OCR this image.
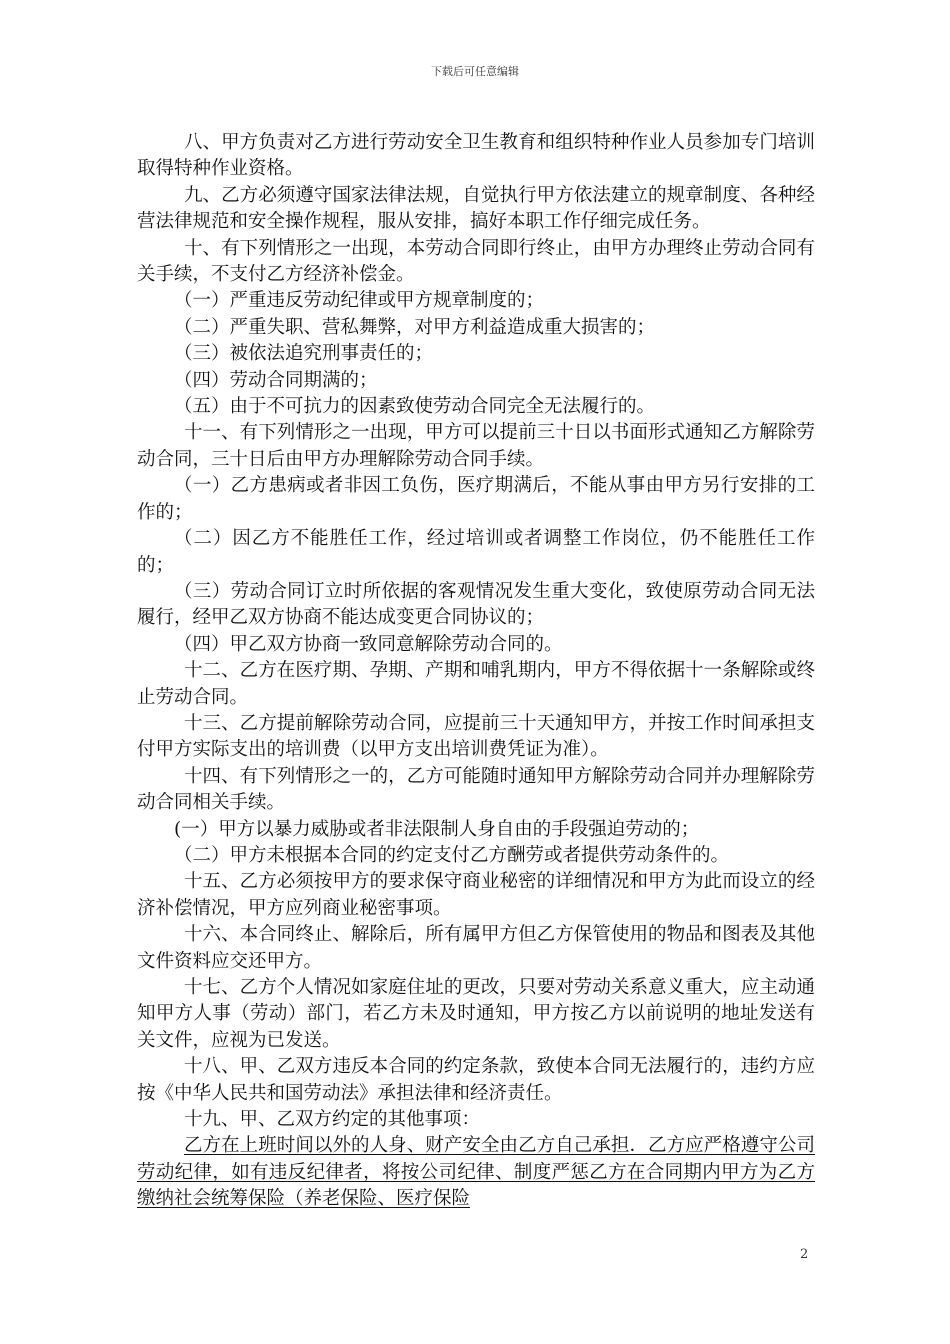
下载后可任意编辑

八、甲方负责对乙方进行劳动安全卫生教育和组织特种作业人员参加专门培训取得特种作业资格。

九、乙方必须遵守国家法律法规，自觉执行甲方依法建立的规章制度、各种经营法律规范和安全操作规程，服从安排，搞好本职工作仔细完成任务。

十、有下列情形之一出现，本劳动合同即行终止，由甲方办理终止劳动合同有关手续，不支付乙方经济补偿金。

（一）严重违反劳动纪律或甲方规章制度的；

（二）严重失职、营私舞弊，对甲方利益造成重大损害的；

（三）被依法追究刑事责任的；

（四）劳动合同期满的；

（五）由于不可抗力的因素致使劳动合同完全无法履行的。

十一、有下列情形之一出现，甲方可以提前三十日以书面形式通知乙方解除劳动合同，三十日后由甲方办理解除劳动合同手续。

（一）乙方患病或者非因工负伤，医疗期满后，不能从事由甲方另行安排的工作的；

（二）因乙方不能胜任工作，经过培训或者调整工作岗位，仍不能胜任工作的；

（三）劳动合同订立时所依据的客观情况发生重大变化，致使原劳动合同无法履行，经甲乙双方协商不能达成变更合同协议的；

（四）甲乙双方协商一致同意解除劳动合同的。

十二、乙方在医疗期、孕期、产期和哺乳期内，甲方不得依据十一条解除或终止劳动合同。

十三、乙方提前解除劳动合同，应提前三十天通知甲方，并按工作时间承担支付甲方实际支出的培训费（以甲方支出培训费凭证为准）。

十四、有下列情形之一的，乙方可能随时通知甲方解除劳动合同并办理解除劳动合同相关手续。

(一）甲方以暴力威胁或者非法限制人身自由的手段强迫劳动的；

（二）甲方未根据本合同的约定支付乙方酬劳或者提供劳动条件的。

十五、乙方必须按甲方的要求保守商业秘密的详细情况和甲方为此而设立的经济补偿情况，甲方应列商业秘密事项。

十六、本合同终止、解除后，所有属甲方但乙方保管使用的物品和图表及其他文件资料应交还甲方。

十七、乙方个人情况如家庭住址的更改，只要对劳动关系意义重大，应主动通知甲方人事（劳动）部门，若乙方未及时通知，甲方按乙方以前说明的地址发送有关文件，应视为已发送。

十八、甲、乙双方违反本合同的约定条款，致使本合同无法履行的，违约方应按《中华人民共和国劳动法》承担法律和经济责任。

十九、甲、乙双方约定的其他事项：

乙方在上班时间以外的人身、财产安全由乙方自己承担．乙方应严格遵守公司劳动纪律，如有违反纪律者，将按公司纪律、制度严惩乙方在合同期内甲方为乙方缴纳社会统筹保险（养老保险、医疗保险

2
